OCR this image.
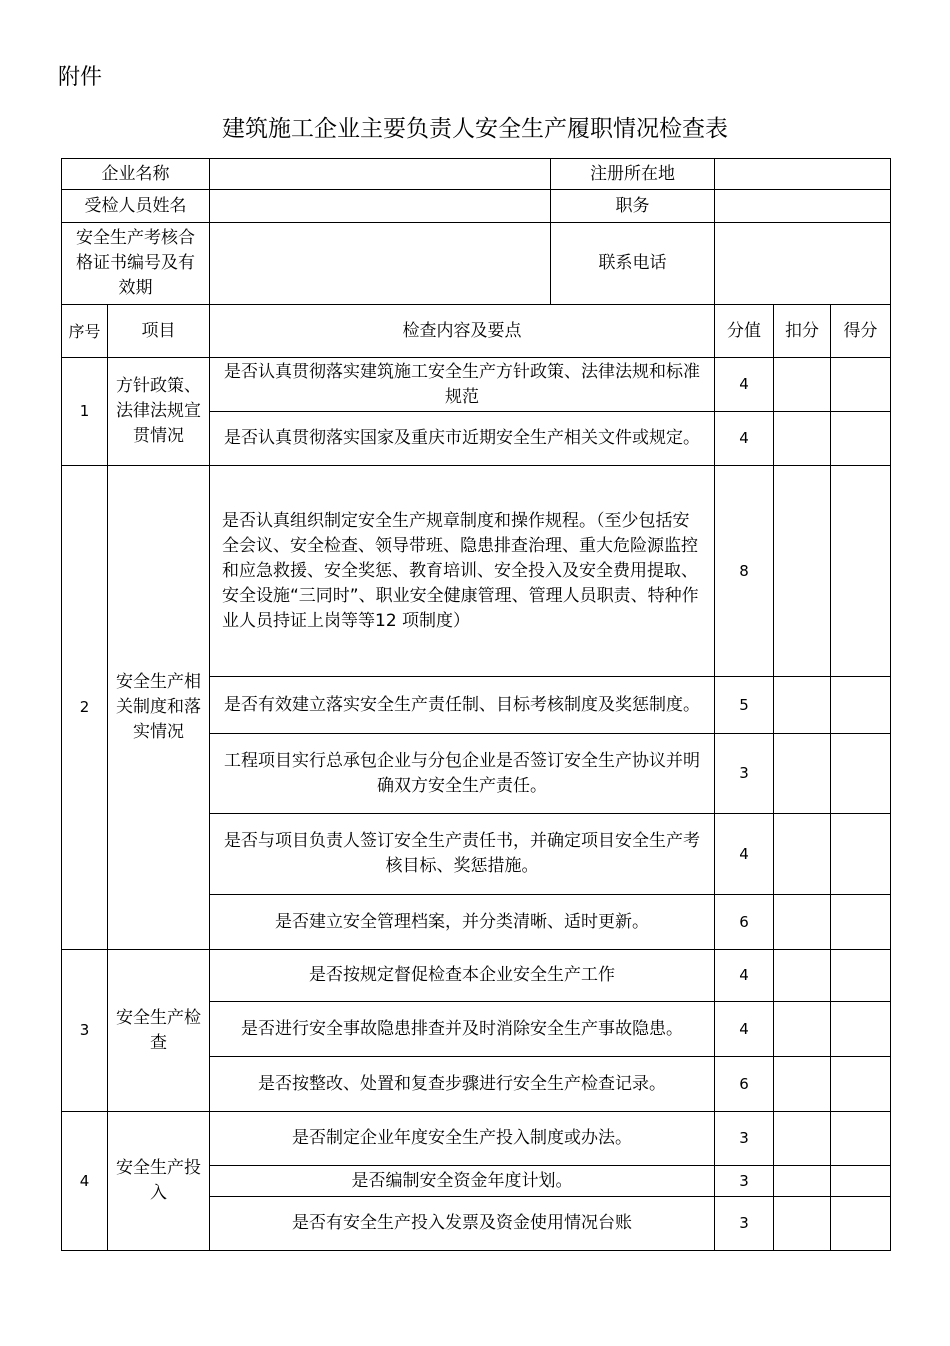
附件
建筑施工企业主要负责人安全生产履职情况检查表
企业名称			注册所在地			
受检人员姓名			职务			
安全生产考核合格证书编号及有效期			联系电话			
序号	项目	检查内容及要点		分值	扣分	得分
1	方针政策、法律法规宣贯情况	是否认真贯彻落实建筑施工安全生产方针政策、法律法规和标准规范		4		
		是否认真贯彻落实国家及重庆市近期安全生产相关文件或规定。		4		
2	安全生产相关制度和落实情况	是否认真组织制定安全生产规章制度和操作规程。（至少包括安全会议、安全检查、领导带班、隐患排查治理、重大危险源监控和应急救援、安全奖惩、教育培训、安全投入及安全费用提取、安全设施“三同时”、职业安全健康管理、管理人员职责、特种作业人员持证上岗等等12 项制度）		8		
		是否有效建立落实安全生产责任制、目标考核制度及奖惩制度。		5		
		工程项目实行总承包企业与分包企业是否签订安全生产协议并明确双方安全生产责任。		3		
		是否与项目负责人签订安全生产责任书，并确定项目安全生产考核目标、奖惩措施。		4		
		是否建立安全管理档案，并分类清晰、适时更新。		6		
3	安全生产检查	是否按规定督促检查本企业安全生产工作		4		
		是否进行安全事故隐患排查并及时消除安全生产事故隐患。		4		
		是否按整改、处置和复查步骤进行安全生产检查记录。		6		
4	安全生产投入	是否制定企业年度安全生产投入制度或办法。		3		
		是否编制安全资金年度计划。		3		
		是否有安全生产投入发票及资金使用情况台账		3		
